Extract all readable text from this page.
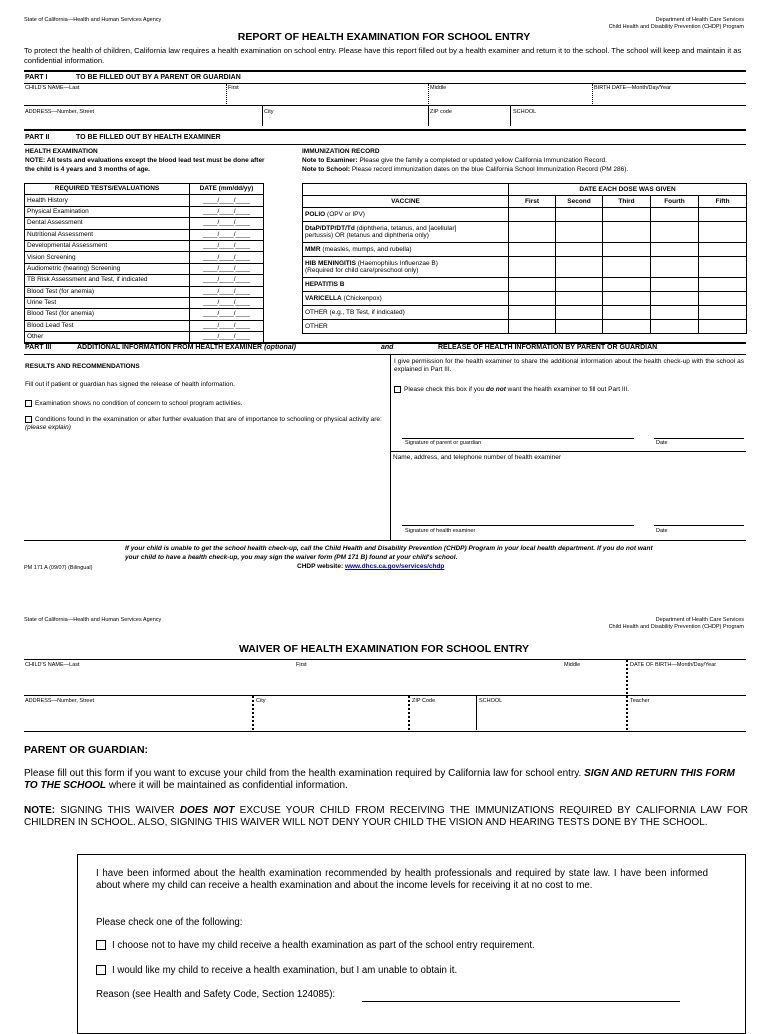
State of California—Health and Human Services Agency	Department of Health Care Services
Child Health and Disability Prevention (CHDP) Program
REPORT OF HEALTH EXAMINATION FOR SCHOOL ENTRY
To protect the health of children, California law requires a health examination on school entry. Please have this report filled out by a health examiner and return it to the school. The school will keep and maintain it as confidential information.
PART I	TO BE FILLED OUT BY A PARENT OR GUARDIAN
CHILD'S NAME—Last	First	Middle	BIRTH DATE—Month/Day/Year
ADDRESS—Number, Street	City	ZIP code	SCHOOL
PART II	TO BE FILLED OUT BY HEALTH EXAMINER
HEALTH EXAMINATION
NOTE: All tests and evaluations except the blood lead test must be done after the child is 4 years and 3 months of age.
IMMUNIZATION RECORD
Note to Examiner: Please give the family a completed or updated yellow California Immunization Record.
Note to School: Please record immunization dates on the blue California School Immunization Record (PM 286).
REQUIRED TESTS/EVALUATIONS	DATE (mm/dd/yy)
Health History	____/____/____
Physical Examination	____/____/____
Dental Assessment	____/____/____
Nutritional Assessment	____/____/____
Developmental Assessment	____/____/____
Vision Screening	____/____/____
Audiometric (hearing) Screening	____/____/____
TB Risk Assessment and Test, if indicated	____/____/____
Blood Test (for anemia)	____/____/____
Urine Test	____/____/____
Blood Test (for anemia)	____/____/____
Blood Lead Test	____/____/____
Other	____/____/____
	DATE EACH DOSE WAS GIVEN				
VACCINE	First	Second	Third	Fourth	Fifth
POLIO (OPV or IPV)					
DtaP/DTP/DT/Td (diphtheria, tetanus, and [acellular]
pertussis) OR (tetanus and diphtheria only)					
MMR (measles, mumps, and rubella)					
HIB MENINGITIS (Haemophilus Influenzae B)
(Required for child care/preschool only)					
HEPATITIS B					
VARICELLA (Chickenpox)					
OTHER (e.g., TB Test, if indicated)					
OTHER					
PART III	ADDITIONAL INFORMATION FROM HEALTH EXAMINER (optional)	and	RELEASE OF HEALTH INFORMATION BY PARENT OR GUARDIAN
RESULTS AND RECOMMENDATIONS
Fill out if patient or guardian has signed the release of health information.
Examination shows no condition of concern to school program activities.
Conditions found in the examination or after further evaluation that are of importance to schooling or physical activity are: (please explain)
I give permission for the health examiner to share the additional information about the health check-up with the school as explained in Part III.
Please check this box if you do not want the health examiner to fill out Part III.
Signature of parent or guardian	Date
Name, address, and telephone number of health examiner
Signature of health examiner	Date
If your child is unable to get the school health check-up, call the Child Health and Disability Prevention (CHDP) Program in your local health department. If you do not want your child to have a health check-up, you may sign the waiver form (PM 171 B) found at your child's school.
CHDP website: www.dhcs.ca.gov/services/chdp
PM 171 A (09/07) (Bilingual)
State of California—Health and Human Services Agency	Department of Health Care Services
Child Health and Disability Prevention (CHDP) Program
WAIVER OF HEALTH EXAMINATION FOR SCHOOL ENTRY
CHILD'S NAME—Last	First	Middle	DATE OF BIRTH—Month/Day/Year
ADDRESS—Number, Street	City	ZIP Code	SCHOOL	Teacher
PARENT OR GUARDIAN:
Please fill out this form if you want to excuse your child from the health examination required by California law for school entry. SIGN AND RETURN THIS FORM TO THE SCHOOL where it will be maintained as confidential information.
NOTE: SIGNING THIS WAIVER DOES NOT EXCUSE YOUR CHILD FROM RECEIVING THE IMMUNIZATIONS REQUIRED BY CALIFORNIA LAW FOR CHILDREN IN SCHOOL. ALSO, SIGNING THIS WAIVER WILL NOT DENY YOUR CHILD THE VISION AND HEARING TESTS DONE BY THE SCHOOL.
I have been informed about the health examination recommended by health professionals and required by state law. I have been informed about where my child can receive a health examination and about the income levels for receiving it at no cost to me.
Please check one of the following:
I choose not to have my child receive a health examination as part of the school entry requirement.
I would like my child to receive a health examination, but I am unable to obtain it.
Reason (see Health and Safety Code, Section 124085):
